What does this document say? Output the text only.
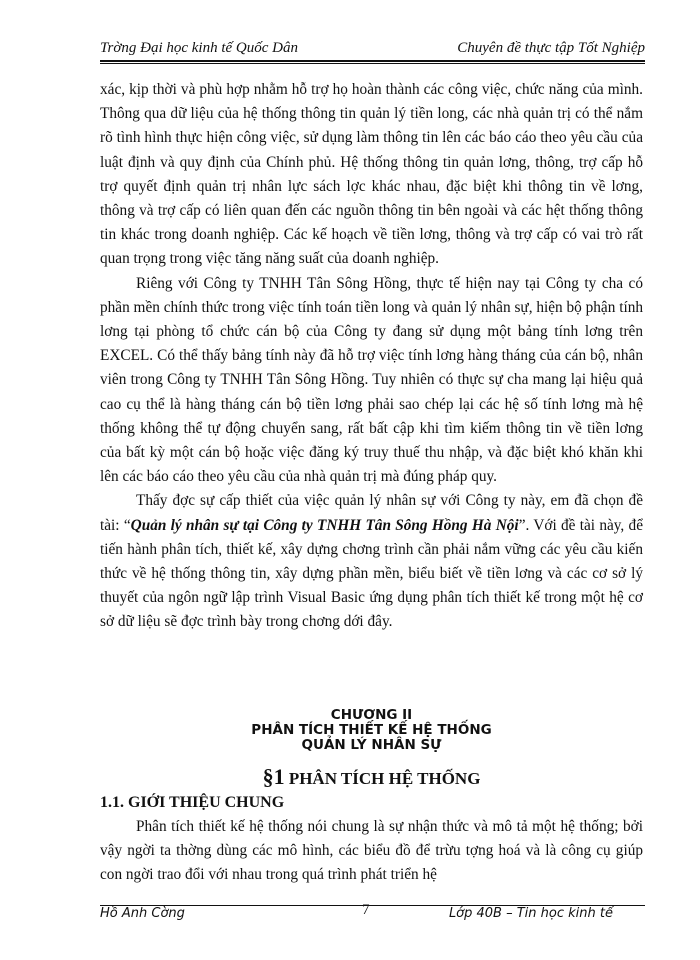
Trờng Đại học kinh tế Quốc Dân	Chuyên đề thực tập Tốt Nghiệp

xác, kịp thời và phù hợp nhằm hỗ trợ họ hoàn thành các công việc, chức năng của mình. Thông qua dữ liệu của hệ thống thông tin quản lý tiền long, các nhà quản trị có thể nắm rõ tình hình thực hiện công việc, sử dụng làm thông tin lên các báo cáo theo yêu cầu của luật định và quy định của Chính phủ. Hệ thống thông tin quản lơng, thông, trợ cấp hỗ trợ quyết định quản trị nhân lực sách lợc khác nhau, đặc biệt khi thông tin về lơng, thông và trợ cấp có liên quan đến các nguồn thông tin bên ngoài và các hệt thống thông tin khác trong doanh nghiệp. Các kế hoạch về tiền lơng, thông và trợ cấp có vai trò rất quan trọng trong việc tăng năng suất của doanh nghiệp.

Riêng với Công ty TNHH Tân Sông Hồng, thực tế hiện nay tại Công ty cha có phần mền chính thức trong việc tính toán tiền long và quản lý nhân sự, hiện bộ phận tính lơng tại phòng tổ chức cán bộ của Công ty đang sử dụng một bảng tính lơng trên EXCEL. Có thể thấy bảng tính này đã hỗ trợ việc tính lơng hàng tháng của cán bộ, nhân viên trong Công ty TNHH Tân Sông Hồng. Tuy nhiên có thực sự cha mang lại hiệu quả cao cụ thể là hàng tháng cán bộ tiền lơng phải sao chép lại các hệ số tính lơng mà hệ thống không thể tự động chuyển sang, rất bất cập khi tìm kiếm thông tin về tiền lơng của bất kỳ một cán bộ hoặc việc đăng ký truy thuế thu nhập, và đặc biệt khó khăn khi lên các báo cáo theo yêu cầu của nhà quản trị mà đúng pháp quy.

Thấy đợc sự cấp thiết của việc quản lý nhân sự với Công ty này, em đã chọn đề tài: “Quản lý nhân sự tại Công ty TNHH Tân Sông Hồng Hà Nội”. Với đề tài này, để tiến hành phân tích, thiết kế, xây dựng chơng trình cần phải nắm vững các yêu cầu kiến thức về hệ thống thông tin, xây dựng phần mền, biểu biết về tiền lơng và các cơ sở lý thuyết của ngôn ngữ lập trình Visual Basic ứng dụng phân tích thiết kế trong một hệ cơ sở dữ liệu sẽ đợc trình bày trong chơng dới đây.

CHƯƠNG II
PHÂN TÍCH THIẾT KẾ HỆ THỐNG
QUẢN LÝ NHÂN SỰ
§1 PHÂN TÍCH HỆ THỐNG
1.1. GIỚI THIỆU CHUNG

Phân tích thiết kế hệ thống nói chung là sự nhận thức và mô tả một hệ thống; bởi vậy ngời ta thờng dùng các mô hình, các biểu đồ để trừu tợng hoá và là công cụ giúp con ngời trao đổi với nhau trong quá trình phát triển hệ

Hồ Anh Cờng	7	Lớp 40B – Tin học kinh tế
